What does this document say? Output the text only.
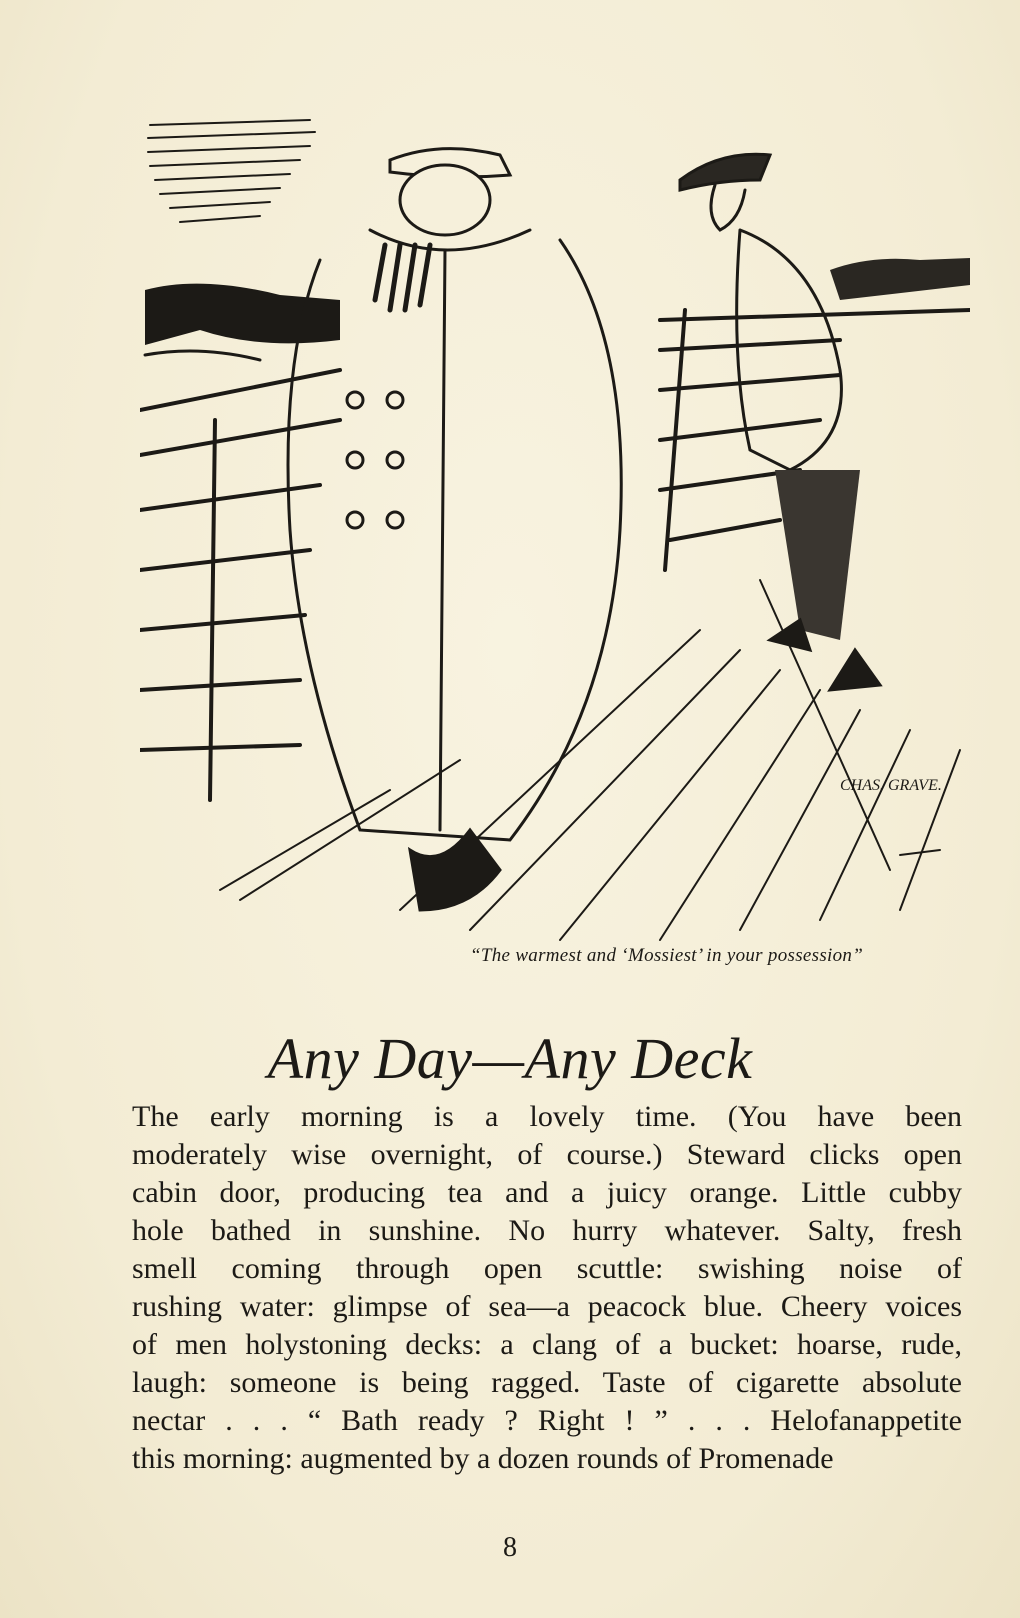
CHAS. GRAVE.
“The warmest and ‘Mossiest’ in your possession”
Any Day—Any Deck
The early morning is a lovely time. (You have been
moderately wise overnight, of course.) Steward clicks open
cabin door, producing tea and a juicy orange. Little cubby
hole bathed in sunshine. No hurry whatever. Salty, fresh
smell coming through open scuttle: swishing noise of
rushing water: glimpse of sea—a peacock blue. Cheery voices
of men holystoning decks: a clang of a bucket: hoarse, rude,
laugh: someone is being ragged. Taste of cigarette absolute
nectar . . . “ Bath ready ? Right ! ” . . . Helofanappetite
this morning: augmented by a dozen rounds of Promenade
8
